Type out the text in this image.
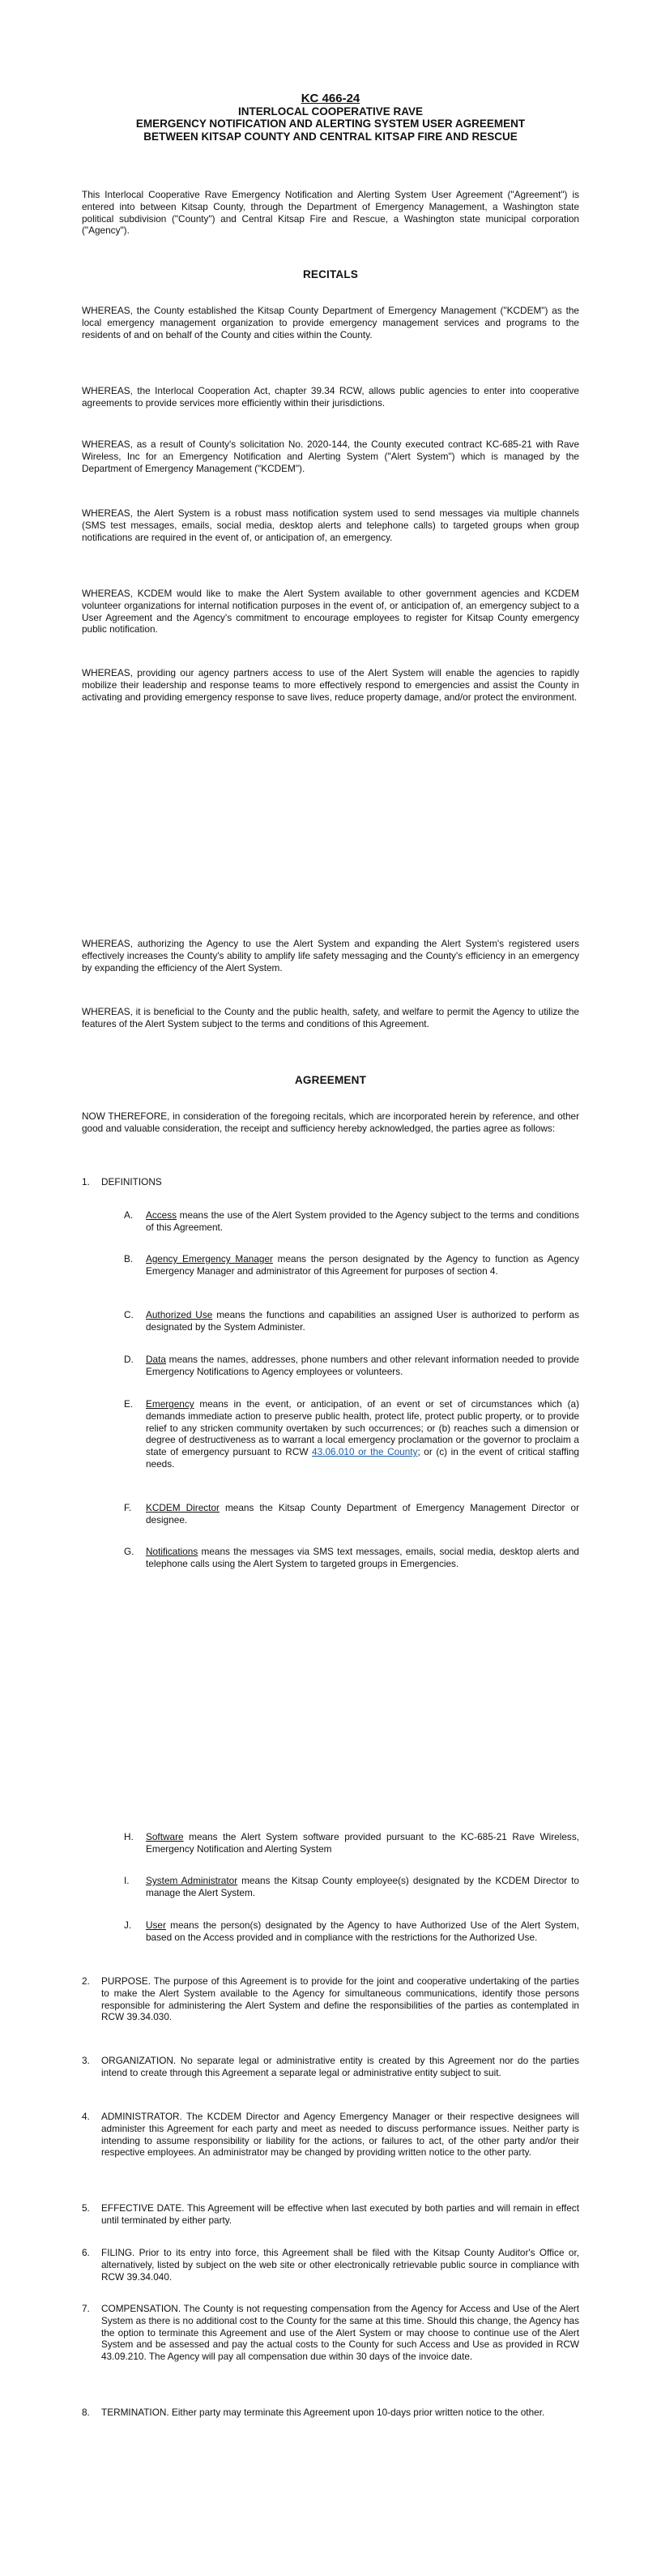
KC 466-24
INTERLOCAL COOPERATIVE RAVE
EMERGENCY NOTIFICATION AND ALERTING SYSTEM USER AGREEMENT
BETWEEN KITSAP COUNTY AND CENTRAL KITSAP FIRE AND RESCUE
This Interlocal Cooperative Rave Emergency Notification and Alerting System User Agreement ("Agreement") is entered into between Kitsap County, through the Department of Emergency Management, a Washington state political subdivision ("County") and Central Kitsap Fire and Rescue, a Washington state municipal corporation ("Agency").
RECITALS
WHEREAS, the County established the Kitsap County Department of Emergency Management ("KCDEM") as the local emergency management organization to provide emergency management services and programs to the residents of and on behalf of the County and cities within the County.
WHEREAS, the Interlocal Cooperation Act, chapter 39.34 RCW, allows public agencies to enter into cooperative agreements to provide services more efficiently within their jurisdictions.
WHEREAS, as a result of County's solicitation No. 2020-144, the County executed contract KC-685-21 with Rave Wireless, Inc for an Emergency Notification and Alerting System ("Alert System") which is managed by the Department of Emergency Management ("KCDEM").
WHEREAS, the Alert System is a robust mass notification system used to send messages via multiple channels (SMS test messages, emails, social media, desktop alerts and telephone calls) to targeted groups when group notifications are required in the event of, or anticipation of, an emergency.
WHEREAS, KCDEM would like to make the Alert System available to other government agencies and KCDEM volunteer organizations for internal notification purposes in the event of, or anticipation of, an emergency subject to a User Agreement and the Agency's commitment to encourage employees to register for Kitsap County emergency public notification.
WHEREAS, providing our agency partners access to use of the Alert System will enable the agencies to rapidly mobilize their leadership and response teams to more effectively respond to emergencies and assist the County in activating and providing emergency response to save lives, reduce property damage, and/or protect the environment.
WHEREAS, authorizing the Agency to use the Alert System and expanding the Alert System's registered users effectively increases the County's ability to amplify life safety messaging and the County's efficiency in an emergency by expanding the efficiency of the Alert System.
WHEREAS, it is beneficial to the County and the public health, safety, and welfare to permit the Agency to utilize the features of the Alert System subject to the terms and conditions of this Agreement.
AGREEMENT
NOW THEREFORE, in consideration of the foregoing recitals, which are incorporated herein by reference, and other good and valuable consideration, the receipt and sufficiency hereby acknowledged, the parties agree as follows:
1. DEFINITIONS
A. Access means the use of the Alert System provided to the Agency subject to the terms and conditions of this Agreement.
B. Agency Emergency Manager means the person designated by the Agency to function as Agency Emergency Manager and administrator of this Agreement for purposes of section 4.
C. Authorized Use means the functions and capabilities an assigned User is authorized to perform as designated by the System Administer.
D. Data means the names, addresses, phone numbers and other relevant information needed to provide Emergency Notifications to Agency employees or volunteers.
E. Emergency means in the event, or anticipation, of an event or set of circumstances which (a) demands immediate action to preserve public health, protect life, protect public property, or to provide relief to any stricken community overtaken by such occurrences; or (b) reaches such a dimension or degree of destructiveness as to warrant a local emergency proclamation or the governor to proclaim a state of emergency pursuant to RCW 43.06.010 or the County; or (c) in the event of critical staffing needs.
F. KCDEM Director means the Kitsap County Department of Emergency Management Director or designee.
G. Notifications means the messages via SMS text messages, emails, social media, desktop alerts and telephone calls using the Alert System to targeted groups in Emergencies.
H. Software means the Alert System software provided pursuant to the KC-685-21 Rave Wireless, Emergency Notification and Alerting System
I. System Administrator means the Kitsap County employee(s) designated by the KCDEM Director to manage the Alert System.
J. User means the person(s) designated by the Agency to have Authorized Use of the Alert System, based on the Access provided and in compliance with the restrictions for the Authorized Use.
2. PURPOSE. The purpose of this Agreement is to provide for the joint and cooperative undertaking of the parties to make the Alert System available to the Agency for simultaneous communications, identify those persons responsible for administering the Alert System and define the responsibilities of the parties as contemplated in RCW 39.34.030.
3. ORGANIZATION. No separate legal or administrative entity is created by this Agreement nor do the parties intend to create through this Agreement a separate legal or administrative entity subject to suit.
4. ADMINISTRATOR. The KCDEM Director and Agency Emergency Manager or their respective designees will administer this Agreement for each party and meet as needed to discuss performance issues. Neither party is intending to assume responsibility or liability for the actions, or failures to act, of the other party and/or their respective employees. An administrator may be changed by providing written notice to the other party.
5. EFFECTIVE DATE. This Agreement will be effective when last executed by both parties and will remain in effect until terminated by either party.
6. FILING. Prior to its entry into force, this Agreement shall be filed with the Kitsap County Auditor's Office or, alternatively, listed by subject on the web site or other electronically retrievable public source in compliance with RCW 39.34.040.
7. COMPENSATION. The County is not requesting compensation from the Agency for Access and Use of the Alert System as there is no additional cost to the County for the same at this time. Should this change, the Agency has the option to terminate this Agreement and use of the Alert System or may choose to continue use of the Alert System and be assessed and pay the actual costs to the County for such Access and Use as provided in RCW 43.09.210. The Agency will pay all compensation due within 30 days of the invoice date.
8. TERMINATION. Either party may terminate this Agreement upon 10-days prior written notice to the other.
